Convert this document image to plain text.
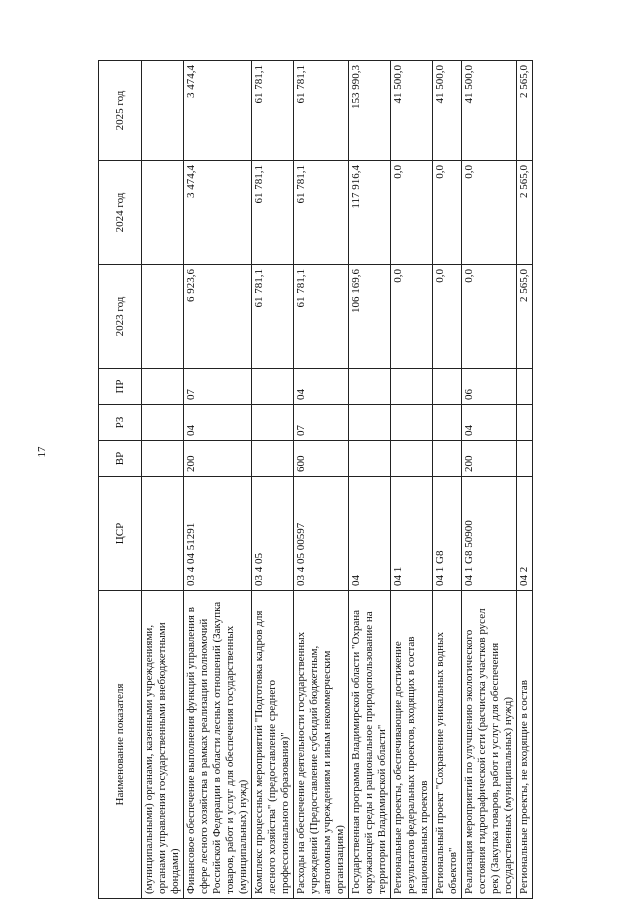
17
Наименование показателя	ЦСР	ВР	РЗ	ПР	2023 год	2024 год	2025 год
(муниципальными) органами, казенными учреждениями, органами управления государственными внебюджетными фондами)							
Финансовое обеспечение выполнения функций управления в сфере лесного хозяйства в рамках реализации полномочий Российской Федерации в области лесных отношений (Закупка товаров, работ и услуг для обеспечения государственных (муниципальных) нужд)	03 4 04 51291	200	04	07	6 923,6	3 474,4	3 474,4
Комплекс процессных мероприятий "Подготовка кадров для лесного хозяйства" (предоставление среднего профессионального образования)"	03 4 05				61 781,1	61 781,1	61 781,1
Расходы на обеспечение деятельности государственных учреждений (Предоставление субсидий бюджетным, автономным учреждениям и иным некоммерческим организациям)	03 4 05 00597	600	07	04	61 781,1	61 781,1	61 781,1
Государственная программа Владимирской области "Охрана окружающей среды и рациональное природопользование на территории Владимирской области"	04				106 169,6	117 916,4	153 990,3
Региональные проекты, обеспечивающие достижение результатов федеральных проектов, входящих в состав национальных проектов	04 1				0,0	0,0	41 500,0
Региональный проект "Сохранение уникальных водных объектов"	04 1 G8				0,0	0,0	41 500,0
Реализация мероприятий по улучшению экологического состояния гидрографической сети (расчистка участков русел рек) (Закупка товаров, работ и услуг для обеспечения государственных (муниципальных) нужд)	04 1 G8 50900	200	04	06	0,0	0,0	41 500,0
Региональные проекты, не входящие в состав	04 2				2 565,0	2 565,0	2 565,0
